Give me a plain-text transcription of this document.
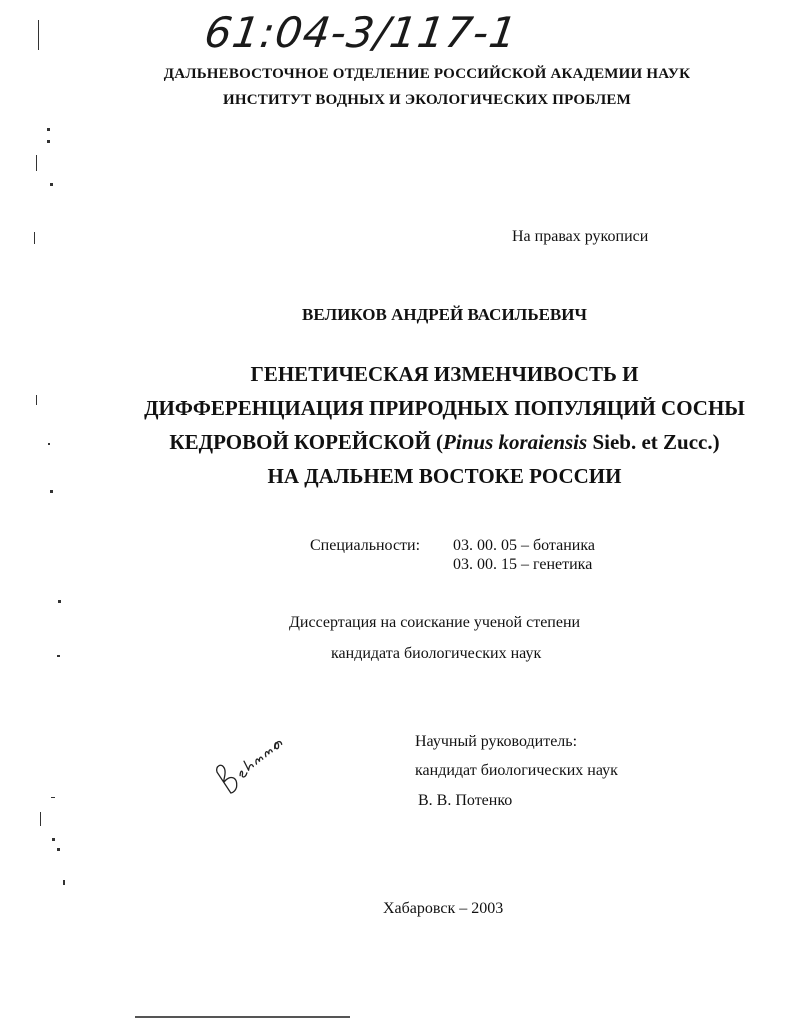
61:04-3/117-1
ДАЛЬНЕВОСТОЧНОЕ ОТДЕЛЕНИЕ РОССИЙСКОЙ АКАДЕМИИ НАУК
ИНСТИТУТ ВОДНЫХ И ЭКОЛОГИЧЕСКИХ ПРОБЛЕМ
На правах рукописи
ВЕЛИКОВ АНДРЕЙ ВАСИЛЬЕВИЧ
ГЕНЕТИЧЕСКАЯ ИЗМЕНЧИВОСТЬ И
ДИФФЕРЕНЦИАЦИЯ ПРИРОДНЫХ ПОПУЛЯЦИЙ СОСНЫ
КЕДРОВОЙ КОРЕЙСКОЙ (Pinus koraiensis Sieb. et Zucc.)
НА ДАЛЬНЕМ ВОСТОКЕ РОССИИ
Специальности: 03. 00. 05 – ботаника
03. 00. 15 – генетика
Диссертация на соискание ученой степени
кандидата биологических наук
Научный руководитель:
кандидат биологических наук
В. В. Потенко
Хабаровск – 2003
